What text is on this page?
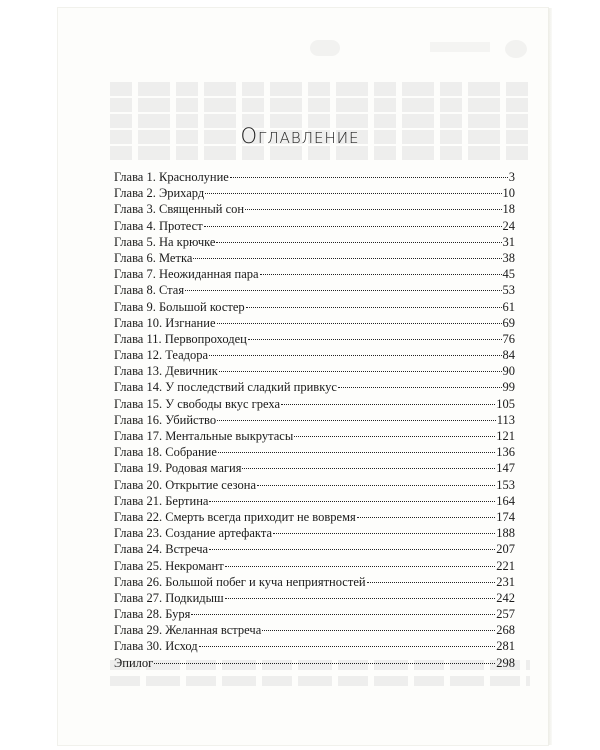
Оглавление
Глава 1. Краснолуние	3
Глава 2. Эрихард	10
Глава 3. Священный сон	18
Глава 4. Протест	24
Глава 5. На крючке	31
Глава 6. Метка	38
Глава 7. Неожиданная пара	45
Глава 8. Стая	53
Глава 9. Большой костер	61
Глава 10. Изгнание	69
Глава 11. Первопроходец	76
Глава 12. Теадора	84
Глава 13. Девичник	90
Глава 14. У последствий сладкий привкус	99
Глава 15. У свободы вкус греха	105
Глава 16. Убийство	113
Глава 17. Ментальные выкрутасы	121
Глава 18. Собрание	136
Глава 19. Родовая магия	147
Глава 20. Открытие сезона	153
Глава 21. Бертина	164
Глава 22. Смерть всегда приходит не вовремя	174
Глава 23. Создание артефакта	188
Глава 24. Встреча	207
Глава 25. Некромант	221
Глава 26. Большой побег и куча неприятностей	231
Глава 27. Подкидыш	242
Глава 28. Буря	257
Глава 29. Желанная встреча	268
Глава 30. Исход	281
Эпилог	298
